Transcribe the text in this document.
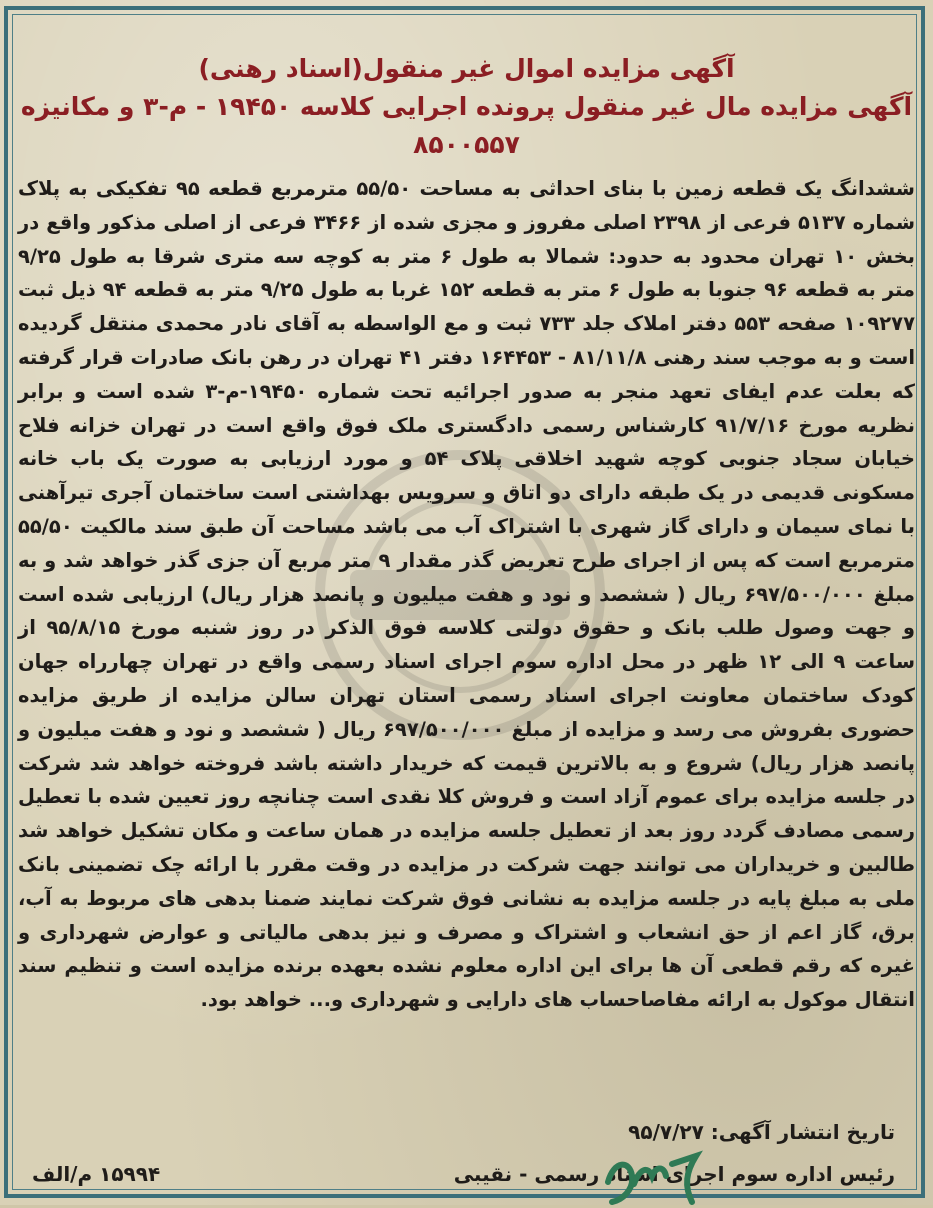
آگهی مزایده اموال غیر منقول(اسناد رهنی)
آگهی مزایده مال غیر منقول پرونده اجرایی کلاسه ۱۹۴۵۰ - م-۳ و مکانیزه
۸۵۰۰۵۵۷

ششدانگ یک قطعه زمین با بنای احداثی به مساحت ۵۵/۵۰ مترمربع قطعه ۹۵ تفکیکی به پلاک شماره ۵۱۳۷ فرعی از ۲۳۹۸ اصلی مفروز و مجزی شده از ۳۴۶۶ فرعی از اصلی مذکور واقع در بخش ۱۰ تهران محدود به حدود: شمالا به طول ۶ متر به کوچه سه متری شرقا به طول ۹/۲۵ متر به قطعه ۹۶ جنوبا به طول ۶ متر به قطعه ۱۵۲ غربا به طول ۹/۲۵ متر به قطعه ۹۴ ذیل ثبت ۱۰۹۲۷۷ صفحه ۵۵۳ دفتر املاک جلد ۷۳۳ ثبت و مع الواسطه به آقای نادر محمدی منتقل گردیده است و به موجب سند رهنی ۸۱/۱۱/۸ - ۱۶۴۴۵۳ دفتر ۴۱ تهران در رهن بانک صادرات قرار گرفته که بعلت عدم ایفای تعهد منجر به صدور اجرائیه تحت شماره ۱۹۴۵۰-م-۳ شده است و برابر نظریه مورخ ۹۱/۷/۱۶ کارشناس رسمی دادگستری ملک فوق واقع است در تهران خزانه فلاح خیابان سجاد جنوبی کوچه شهید اخلاقی پلاک ۵۴ و مورد ارزیابی به صورت یک باب خانه مسکونی قدیمی در یک طبقه دارای دو اتاق و سرویس بهداشتی است ساختمان آجری تیرآهنی با نمای سیمان و دارای گاز شهری با اشتراک آب می باشد مساحت آن طبق سند مالکیت ۵۵/۵۰ مترمربع است که پس از اجرای طرح تعریض گذر مقدار ۹ متر مربع آن جزی گذر خواهد شد و به مبلغ ۶۹۷/۵۰۰/۰۰۰ ریال ( ششصد و نود و هفت میلیون و پانصد هزار ریال) ارزیابی شده است و جهت وصول طلب بانک و حقوق دولتی کلاسه فوق الذکر در روز شنبه مورخ ۹۵/۸/۱۵ از ساعت ۹ الی ۱۲ ظهر در محل اداره سوم اجرای اسناد رسمی واقع در تهران چهارراه جهان کودک ساختمان معاونت اجرای اسناد رسمی استان تهران سالن مزایده از طریق مزایده حضوری بفروش می رسد و مزایده از مبلغ ۶۹۷/۵۰۰/۰۰۰ ریال ( ششصد و نود و هفت میلیون و پانصد هزار ریال) شروع و به بالاترین قیمت که خریدار داشته باشد فروخته خواهد شد شرکت در جلسه مزایده برای عموم آزاد است و فروش کلا نقدی است چنانچه روز تعیین شده با تعطیل رسمی مصادف گردد روز بعد از تعطیل جلسه مزایده در همان ساعت و مکان تشکیل خواهد شد طالبین و خریداران می توانند جهت شرکت در مزایده در وقت مقرر با ارائه چک تضمینی بانک ملی به مبلغ پایه در جلسه مزایده به نشانی فوق شرکت نمایند ضمنا بدهی های مربوط به آب، برق، گاز اعم از حق انشعاب و اشتراک و مصرف و نیز بدهی مالیاتی و عوارض شهرداری و غیره که رقم قطعی آن ها برای این اداره معلوم نشده بعهده برنده مزایده است و تنظیم سند انتقال موکول به ارائه مفاصاحساب های دارایی و شهرداری و... خواهد بود.

تاریخ انتشار آگهی: ۹۵/۷/۲۷
رئیس اداره سوم اجرای اسناد رسمی - نقیبی
۱۵۹۹۴ م/الف
